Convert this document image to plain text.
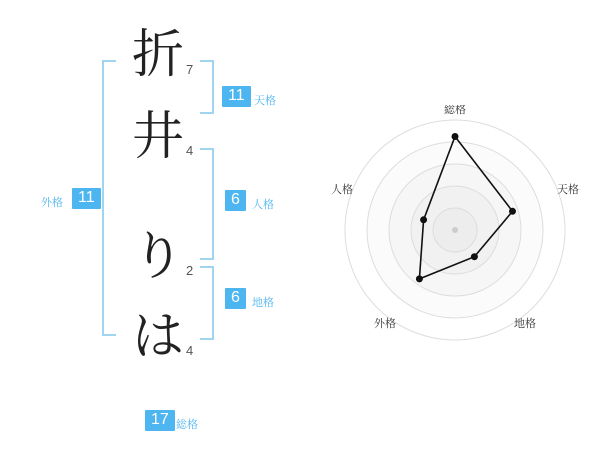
折
井
り
は
7
4
2
4
11 天格
6	人格
6	地格
11
外格
17 総格
総格
天格
地格
外格
人格
